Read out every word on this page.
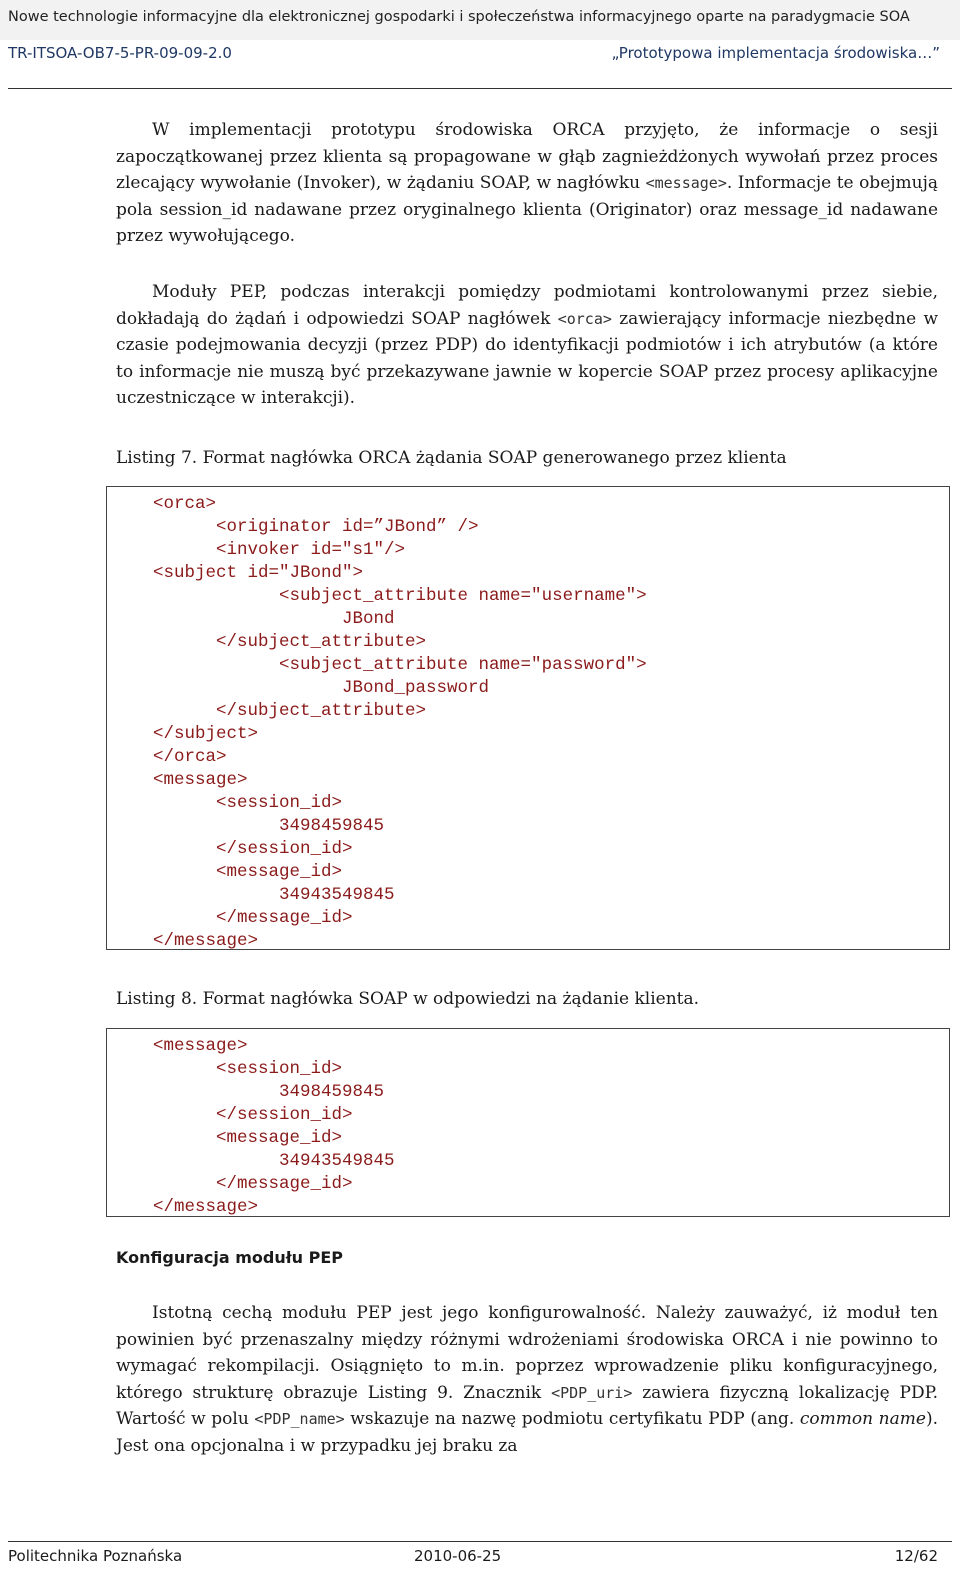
Nowe technologie informacyjne dla elektronicznej gospodarki i społeczeństwa informacyjnego oparte na paradygmacie SOA
TR-ITSOA-OB7-5-PR-09-09-2.0	„Prototypowa implementacja środowiska…”

W implementacji prototypu środowiska ORCA przyjęto, że informacje o sesji zapoczątkowanej przez klienta są propagowane w głąb zagnieżdżonych wywołań przez proces zlecający wywołanie (Invoker), w żądaniu SOAP, w nagłówku <message>. Informacje te obejmują pola session_id nadawane przez oryginalnego klienta (Originator) oraz message_id nadawane przez wywołującego.

Moduły PEP, podczas interakcji pomiędzy podmiotami kontrolowanymi przez siebie, dokładają do żądań i odpowiedzi SOAP nagłówek <orca> zawierający informacje niezbędne w czasie podejmowania decyzji (przez PDP) do identyfikacji podmiotów i ich atrybutów (a które to informacje nie muszą być przekazywane jawnie w kopercie SOAP przez procesy aplikacyjne uczestniczące w interakcji).

Listing 7. Format nagłówka ORCA żądania SOAP generowanego przez klienta
<orca>
<originator id=”JBond” />
<invoker id="s1"/>
<subject id="JBond">
<subject_attribute name="username">
JBond
</subject_attribute>
<subject_attribute name="password">
JBond_password
</subject_attribute>
</subject>
</orca>
<message>
<session_id>
3498459845
</session_id>
<message_id>
34943549845
</message_id>
</message>
Listing 8. Format nagłówka SOAP w odpowiedzi na żądanie klienta.
<message>
<session_id>
3498459845
</session_id>
<message_id>
34943549845
</message_id>
</message>
Konfiguracja modułu PEP

Istotną cechą modułu PEP jest jego konfigurowalność. Należy zauważyć, iż moduł ten powinien być przenaszalny między różnymi wdrożeniami środowiska ORCA i nie powinno to wymagać rekompilacji. Osiągnięto to m.in. poprzez wprowadzenie pliku konfiguracyjnego, którego strukturę obrazuje Listing 9. Znacznik <PDP_uri> zawiera fizyczną lokalizację PDP. Wartość w polu <PDP_name> wskazuje na nazwę podmiotu certyfikatu PDP (ang. common name). Jest ona opcjonalna i w przypadku jej braku za

Politechnika Poznańska	2010-06-25	12/62
